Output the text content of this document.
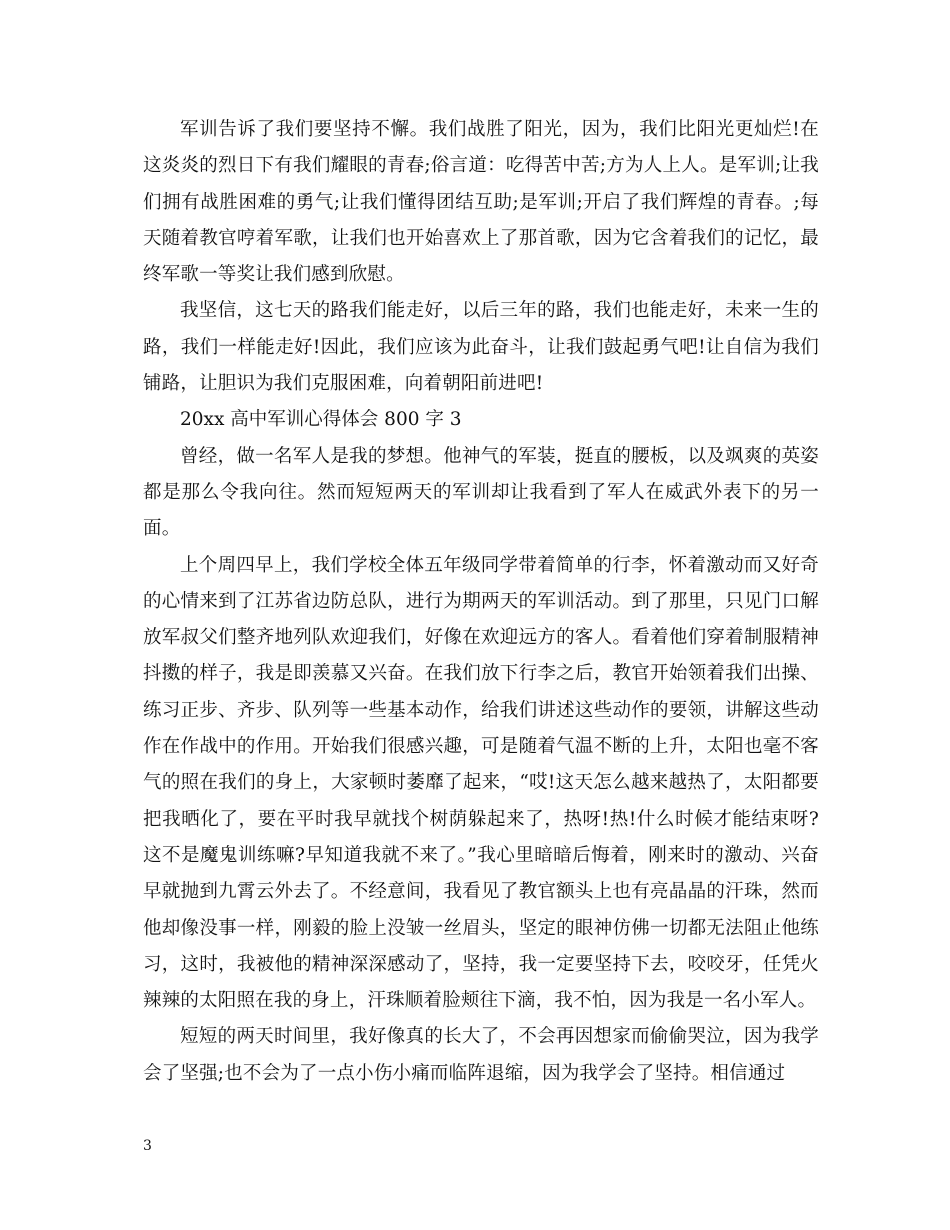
军训告诉了我们要坚持不懈。我们战胜了阳光，因为，我们比阳光更灿烂!在这炎炎的烈日下有我们耀眼的青春;俗言道：吃得苦中苦;方为人上人。是军训;让我们拥有战胜困难的勇气;让我们懂得团结互助;是军训;开启了我们辉煌的青春。;每天随着教官哼着军歌，让我们也开始喜欢上了那首歌，因为它含着我们的记忆，最终军歌一等奖让我们感到欣慰。

我坚信，这七天的路我们能走好，以后三年的路，我们也能走好，未来一生的路，我们一样能走好!因此，我们应该为此奋斗，让我们鼓起勇气吧!让自信为我们铺路，让胆识为我们克服困难，向着朝阳前进吧!

20xx 高中军训心得体会 800 字 3

曾经，做一名军人是我的梦想。他神气的军装，挺直的腰板，以及飒爽的英姿都是那么令我向往。然而短短两天的军训却让我看到了军人在威武外表下的另一面。

上个周四早上，我们学校全体五年级同学带着简单的行李，怀着激动而又好奇的心情来到了江苏省边防总队，进行为期两天的军训活动。到了那里，只见门口解放军叔父们整齐地列队欢迎我们，好像在欢迎远方的客人。看着他们穿着制服精神抖擞的样子，我是即羡慕又兴奋。在我们放下行李之后，教官开始领着我们出操、练习正步、齐步、队列等一些基本动作，给我们讲述这些动作的要领，讲解这些动作在作战中的作用。开始我们很感兴趣，可是随着气温不断的上升，太阳也毫不客气的照在我们的身上，大家顿时萎靡了起来，“哎!这天怎么越来越热了，太阳都要把我晒化了，要在平时我早就找个树荫躲起来了，热呀!热!什么时候才能结束呀?这不是魔鬼训练嘛?早知道我就不来了。”我心里暗暗后悔着，刚来时的激动、兴奋早就抛到九霄云外去了。不经意间，我看见了教官额头上也有亮晶晶的汗珠，然而他却像没事一样，刚毅的脸上没皱一丝眉头，坚定的眼神仿佛一切都无法阻止他练习，这时，我被他的精神深深感动了，坚持，我一定要坚持下去，咬咬牙，任凭火辣辣的太阳照在我的身上，汗珠顺着脸颊往下滴，我不怕，因为我是一名小军人。

短短的两天时间里，我好像真的长大了，不会再因想家而偷偷哭泣，因为我学会了坚强;也不会为了一点小伤小痛而临阵退缩，因为我学会了坚持。相信通过

3
